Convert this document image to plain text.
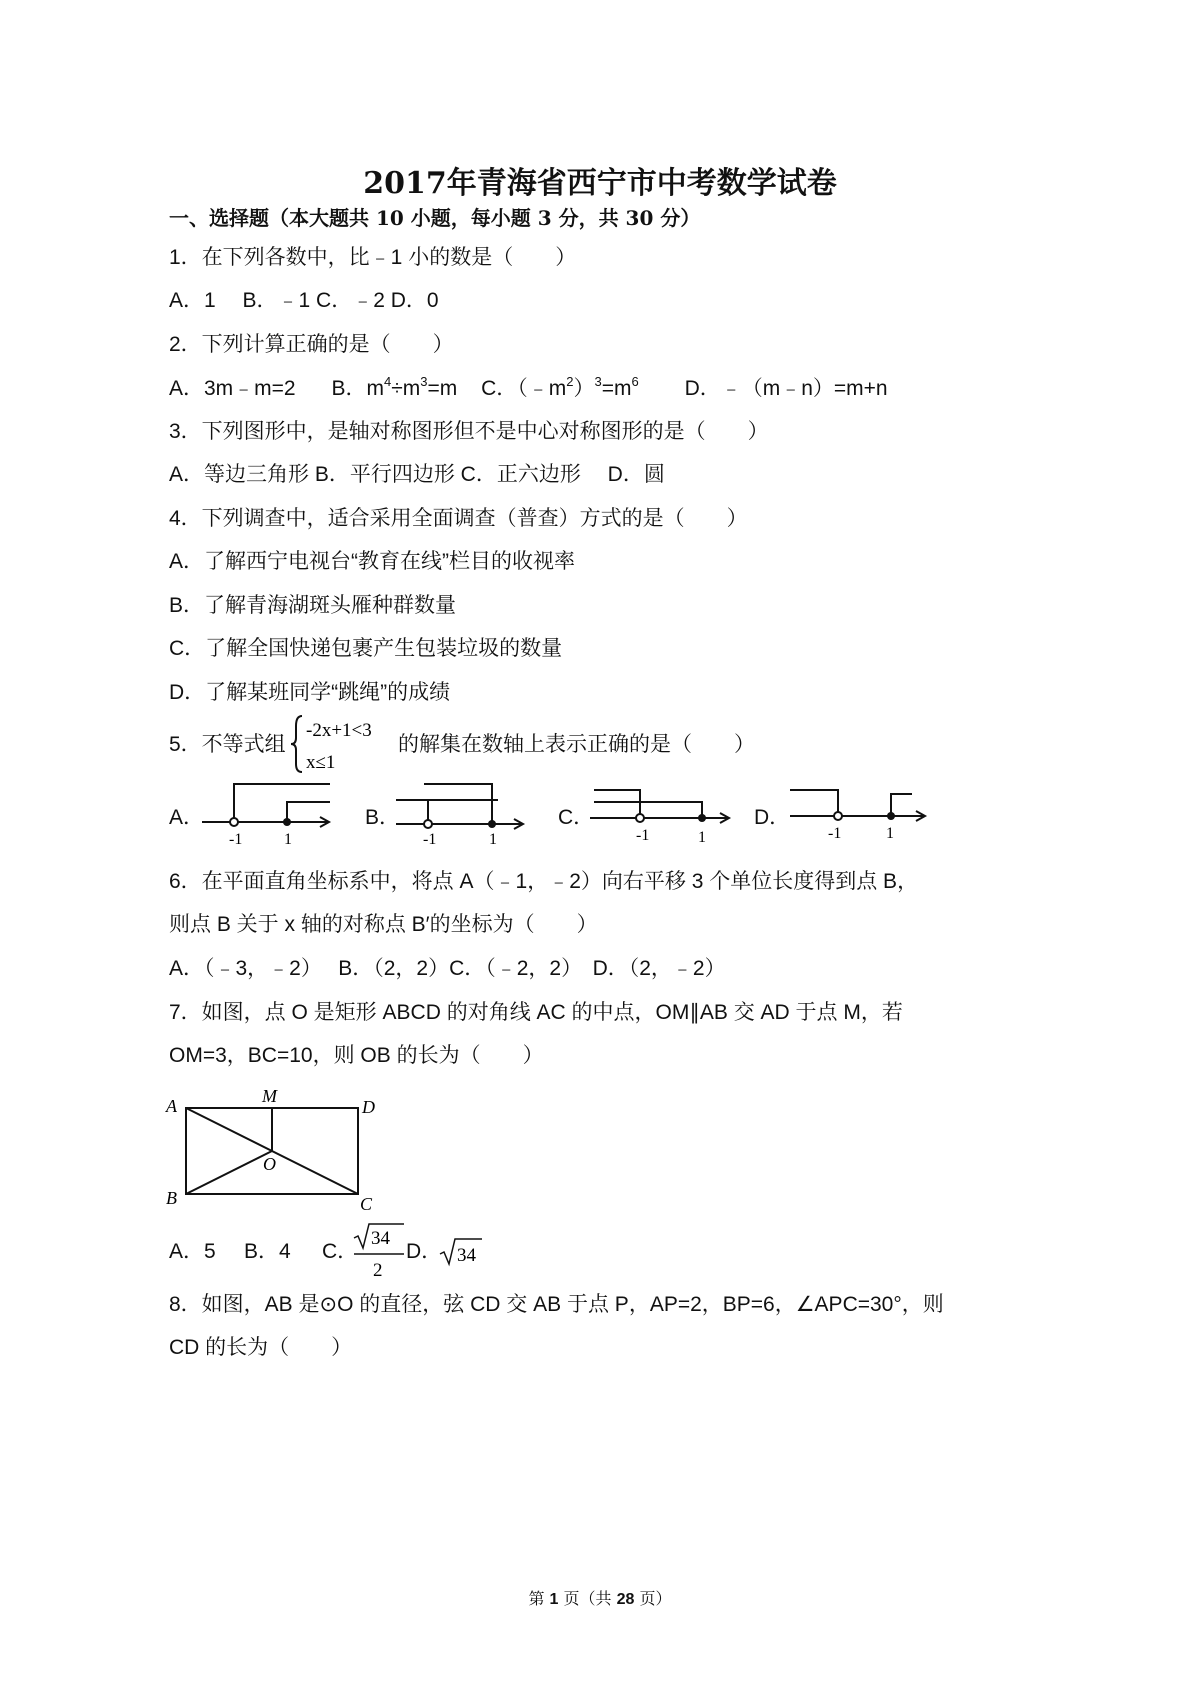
2017年青海省西宁市中考数学试卷
一、选择题（本大题共 10 小题，每小题 3 分，共 30 分）
1．在下列各数中，比﹣1 小的数是（　　）
A．1　 B．﹣1 C．﹣2 D．0
2．下列计算正确的是（　　）
A．3m﹣m=2 B．$m^4\div m^3=m$ C．$(﹣m^2)^3=m^6$ D．﹣（m﹣n）=m+n
3．下列图形中，是轴对称图形但不是中心对称图形的是（　　）
A．等边三角形 B．平行四边形 C．正六边形　 D．圆
4．下列调查中，适合采用全面调查（普查）方式的是（　　）
A．了解西宁电视台“教育在线”栏目的收视率
B．了解青海湖斑头雁种群数量
C．了解全国快递包裹产生包装垃圾的数量
D．了解某班同学“跳绳”的成绩
5．不等式组
-2x+1<3
x≤1
的解集在数轴上表示正确的是（　　）
A．	B．	C．	D．
-1	1	-1	1	-1	1	-1	1
6．在平面直角坐标系中，将点 A（﹣1，﹣2）向右平移 3 个单位长度得到点 B，
则点 B 关于 x 轴的对称点 B′的坐标为（　　）
A．（﹣3，﹣2）　 B．（2，2）C．（﹣2，2）　D．（2，﹣2）
7．如图，点 O 是矩形 ABCD 的对角线 AC 的中点，OM∥AB 交 AD 于点 M，若
OM=3，BC=10，则 OB 的长为（　　）
A	M
D
O
B	C
A．5 B．4 C．
34
2
D． 34
8．如图，AB 是⊙O 的直径，弦 CD 交 AB 于点 P，AP=2，BP=6，∠APC=30°，则
CD 的长为（　　）
第 1 页（共 28 页）
